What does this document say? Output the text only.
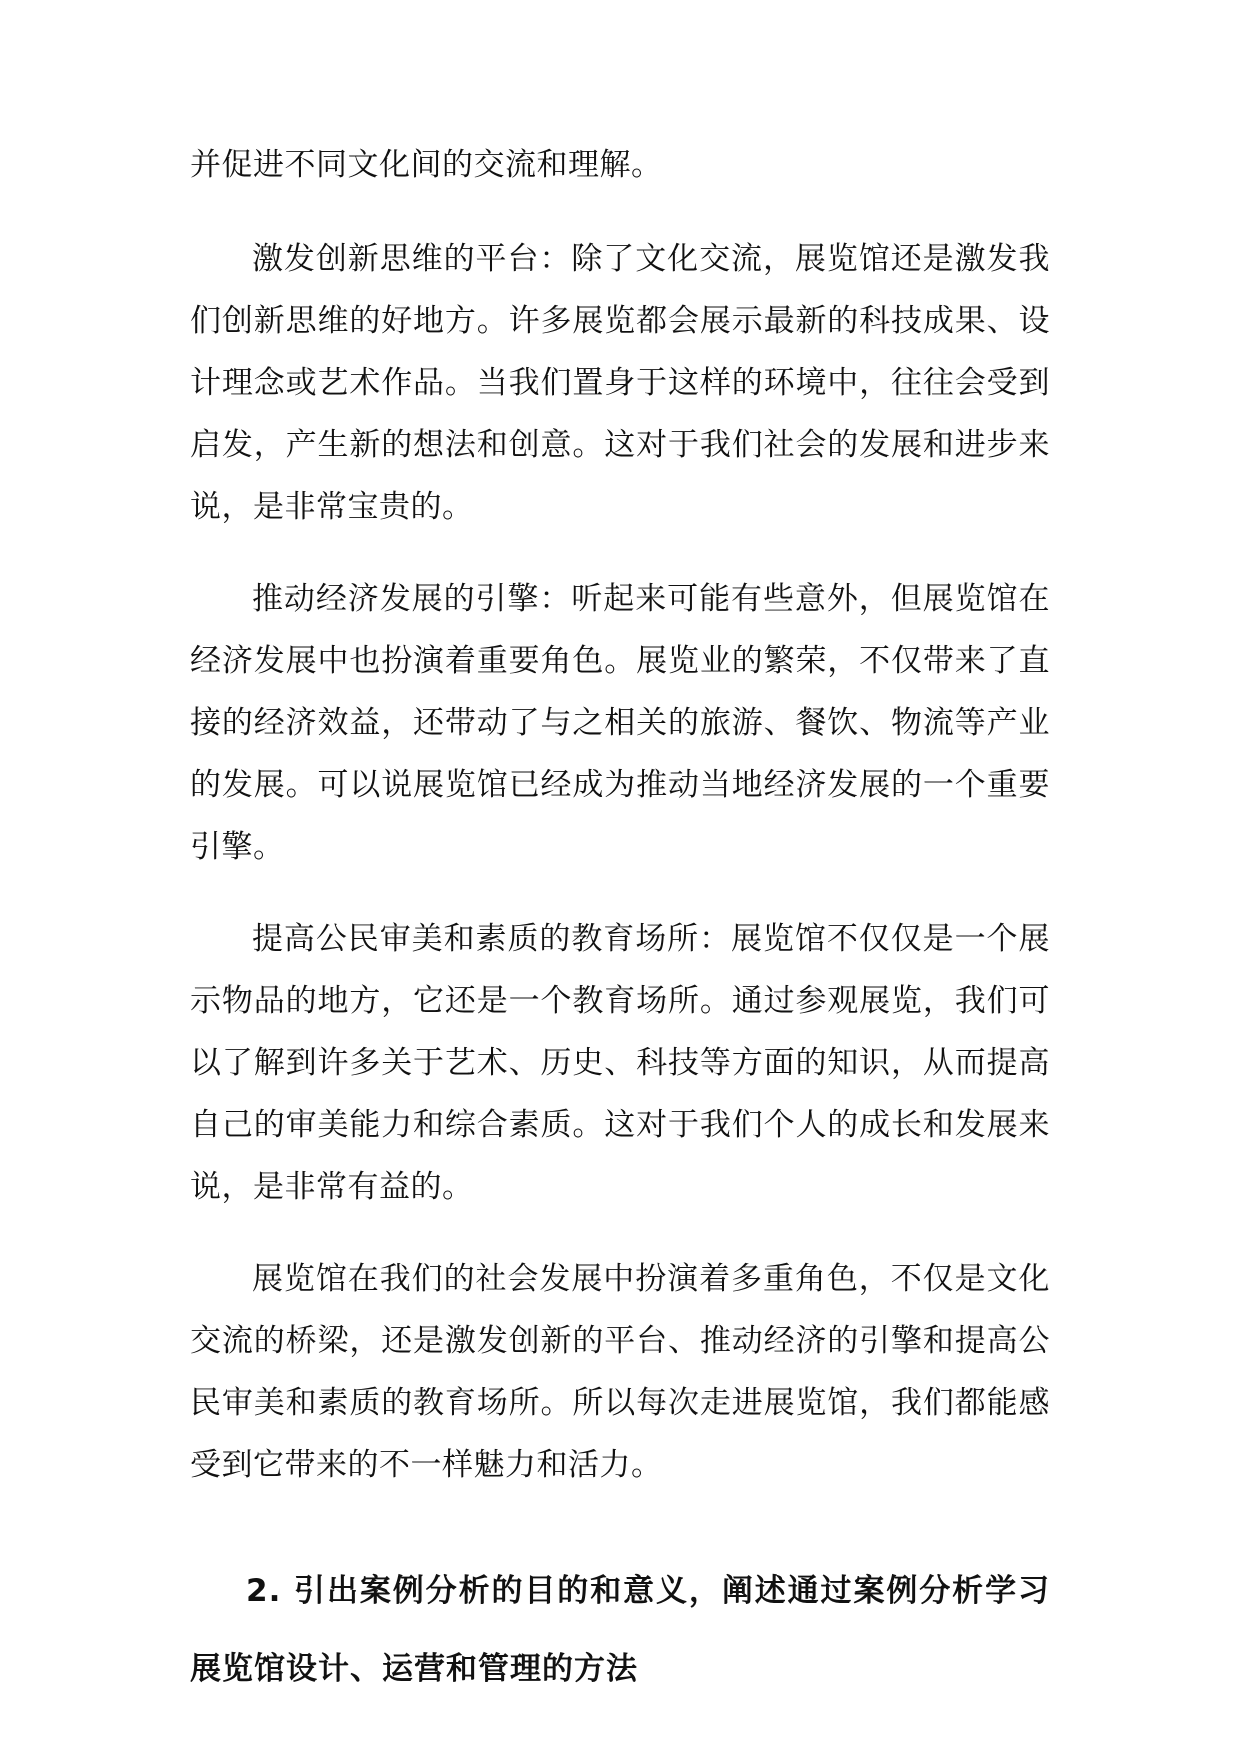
并促进不同文化间的交流和理解。

激发创新思维的平台：除了文化交流，展览馆还是激发我们创新思维的好地方。许多展览都会展示最新的科技成果、设计理念或艺术作品。当我们置身于这样的环境中，往往会受到启发，产生新的想法和创意。这对于我们社会的发展和进步来说，是非常宝贵的。

推动经济发展的引擎：听起来可能有些意外，但展览馆在经济发展中也扮演着重要角色。展览业的繁荣，不仅带来了直接的经济效益，还带动了与之相关的旅游、餐饮、物流等产业的发展。可以说展览馆已经成为推动当地经济发展的一个重要引擎。

提高公民审美和素质的教育场所：展览馆不仅仅是一个展示物品的地方，它还是一个教育场所。通过参观展览，我们可以了解到许多关于艺术、历史、科技等方面的知识，从而提高自己的审美能力和综合素质。这对于我们个人的成长和发展来说，是非常有益的。

展览馆在我们的社会发展中扮演着多重角色，不仅是文化交流的桥梁，还是激发创新的平台、推动经济的引擎和提高公民审美和素质的教育场所。所以每次走进展览馆，我们都能感受到它带来的不一样魅力和活力。

2. 引出案例分析的目的和意义，阐述通过案例分析学习展览馆设计、运营和管理的方法
